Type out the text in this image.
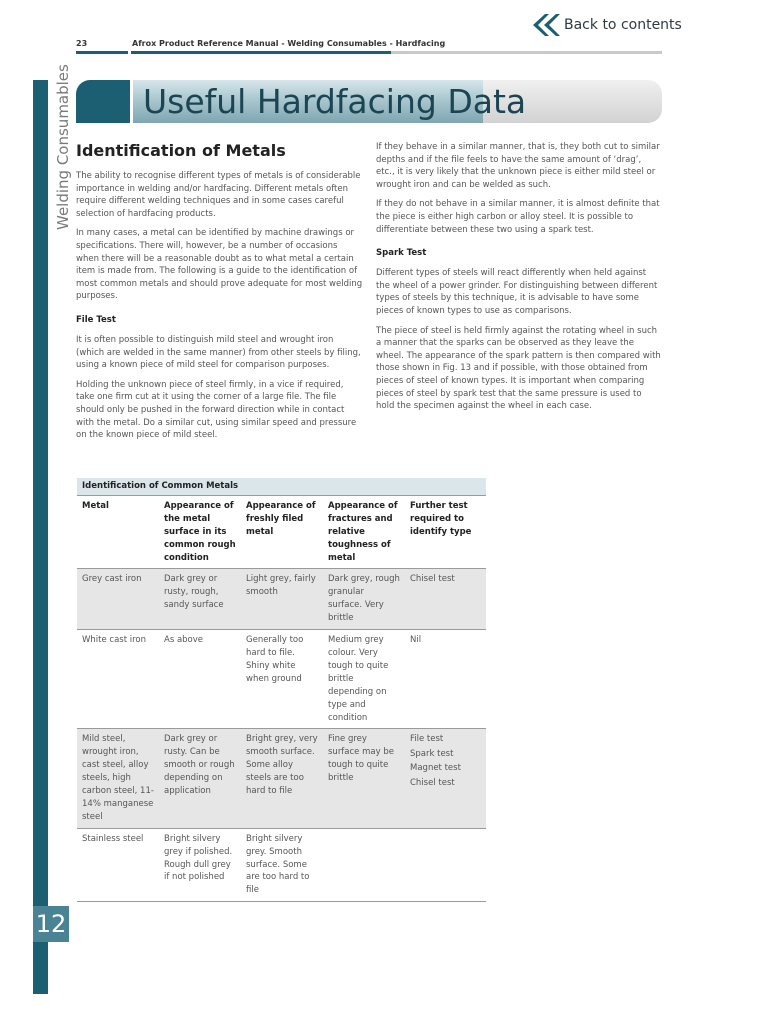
Back to contents
23	Afrox Product Reference Manual - Welding Consumables - Hardfacing
Welding Consumables
12
Useful Hardfacing Data
Identification of Metals

The ability to recognise different types of metals is of considerable importance in welding and/or hardfacing. Different metals often require different welding techniques and in some cases careful selection of hardfacing products.

In many cases, a metal can be identified by machine drawings or specifications. There will, however, be a number of occasions when there will be a reasonable doubt as to what metal a certain item is made from. The following is a guide to the identification of most common metals and should prove adequate for most welding purposes.

File Test

It is often possible to distinguish mild steel and wrought iron (which are welded in the same manner) from other steels by filing, using a known piece of mild steel for comparison purposes.

Holding the unknown piece of steel firmly, in a vice if required, take one firm cut at it using the corner of a large file. The file should only be pushed in the forward direction while in contact with the metal. Do a similar cut, using similar speed and pressure on the known piece of mild steel.

If they behave in a similar manner, that is, they both cut to similar depths and if the file feels to have the same amount of ‘drag’, etc., it is very likely that the unknown piece is either mild steel or wrought iron and can be welded as such.

If they do not behave in a similar manner, it is almost definite that the piece is either high carbon or alloy steel. It is possible to differentiate between these two using a spark test.

Spark Test

Different types of steels will react differently when held against the wheel of a power grinder. For distinguishing between different types of steels by this technique, it is advisable to have some pieces of known types to use as comparisons.

The piece of steel is held firmly against the rotating wheel in such a manner that the sparks can be observed as they leave the wheel. The appearance of the spark pattern is then compared with those shown in Fig. 13 and if possible, with those obtained from pieces of steel of known types. It is important when comparing pieces of steel by spark test that the same pressure is used to hold the specimen against the wheel in each case.

Identification of Common Metals				
Metal	Appearance of the metal surface in its common rough condition	Appearance of freshly filed metal	Appearance of fractures and relative toughness of metal	Further test required to identify type
Grey cast iron	Dark grey or rusty, rough, sandy surface	Light grey, fairly smooth	Dark grey, rough granular surface. Very brittle	Chisel test
White cast iron	As above	Generally too hard to file. Shiny white when ground	Medium grey colour. Very tough to quite brittle depending on type and condition	Nil
Mild steel, wrought iron, cast steel, alloy steels, high carbon steel, 11-14% manganese steel	Dark grey or rusty. Can be smooth or rough depending on application	Bright grey, very smooth surface. Some alloy steels are too hard to file	Fine grey surface may be tough to quite brittle	File test
Spark test
Magnet test
Chisel test

Stainless steel	Bright silvery grey if polished. Rough dull grey if not polished	Bright silvery grey. Smooth surface. Some are too hard to file		
